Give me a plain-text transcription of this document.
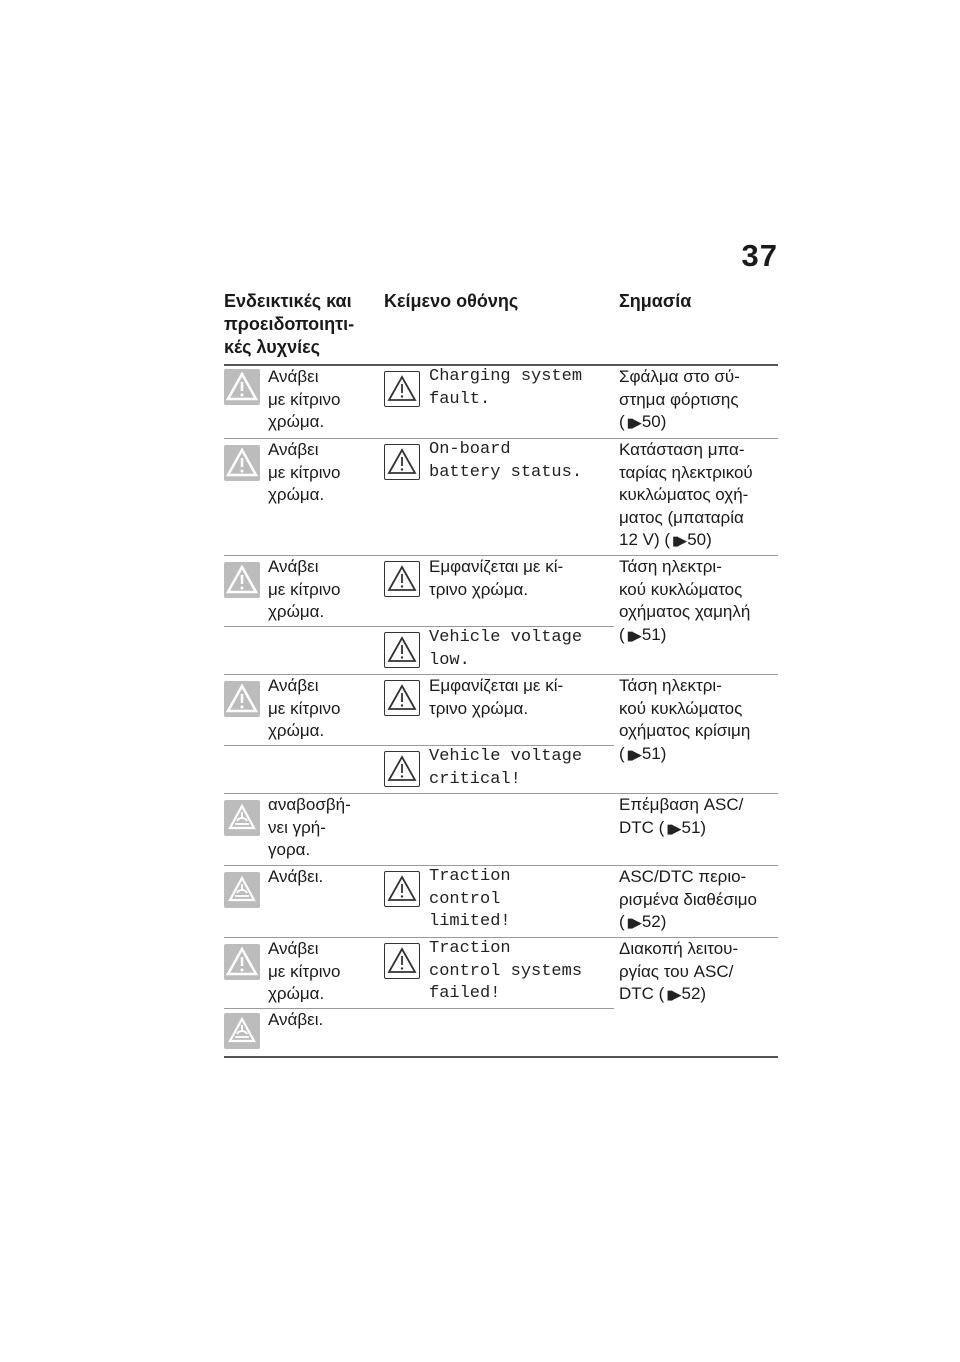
37
Ενδεικτικές και προειδοποιητι-
κές λυχνίες
Κείμενο οθόνης	Σημασία
Ανάβει
με κίτρινο
χρώμα.
Charging system
fault.
Σφάλμα στο σύ-
στημα φόρτισης
( ▮▶ 50)
Ανάβει
με κίτρινο
χρώμα.
On-board
battery status.
Κατάσταση μπα-
ταρίας ηλεκτρικού
κυκλώματος οχή-
ματος (μπαταρία
12 V) ( ▮▶ 50)
Ανάβει
με κίτρινο
χρώμα.
Εμφανίζεται με κί-
τρινο χρώμα.
Vehicle voltage
low.
Τάση ηλεκτρι-
κού κυκλώματος
οχήματος χαμηλή
( ▮▶ 51)
Ανάβει
με κίτρινο
χρώμα.
Εμφανίζεται με κί-
τρινο χρώμα.
Vehicle voltage
critical!
Τάση ηλεκτρι-
κού κυκλώματος
οχήματος κρίσιμη
( ▮▶ 51)
αναβοσβή-
νει γρή-
γορα.
Επέμβαση ASC/
DTC ( ▮▶ 51)
Ανάβει.	Traction
control
limited!
ASC/DTC περιο-
ρισμένα διαθέσιμο
( ▮▶ 52)
Ανάβει
με κίτρινο
χρώμα.
Traction
control systems
failed!
Ανάβει.
Διακοπή λειτου-
ργίας του ASC/
DTC ( ▮▶ 52)
